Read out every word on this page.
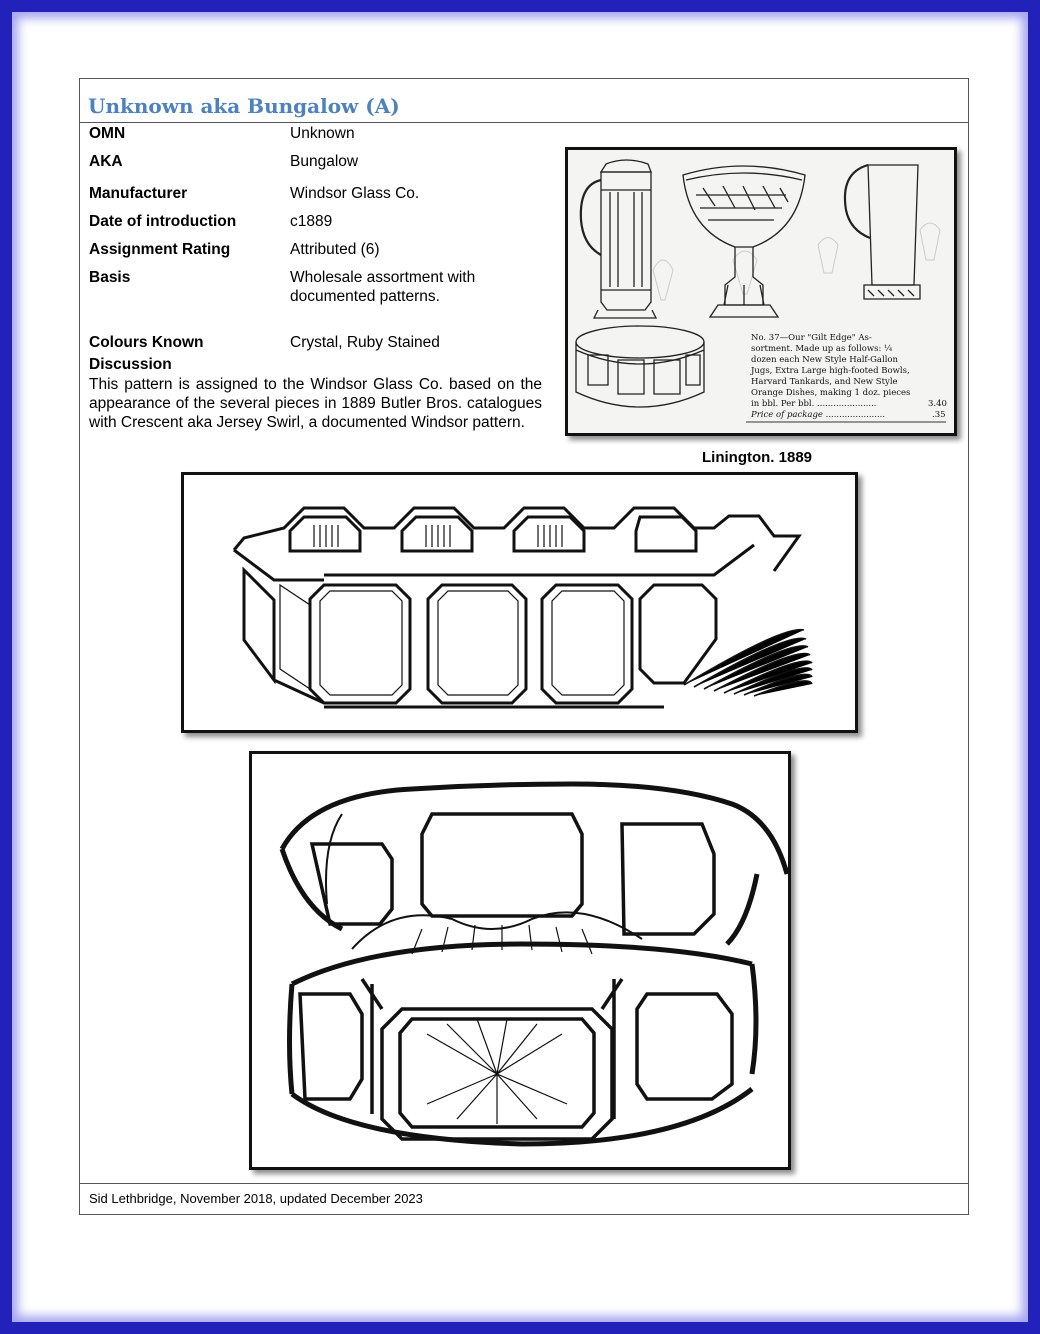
Unknown aka Bungalow (A)
OMN	Unknown
AKA	Bungalow
Manufacturer	Windsor Glass Co.
Date of introduction	c1889
Assignment Rating	Attributed (6)
Basis	Wholesale assortment with documented patterns.
Colours Known	Crystal, Ruby Stained
Discussion
This pattern is assigned to the Windsor Glass Co. based on the appearance of the several pieces in 1889 Butler Bros. catalogues with Crescent aka Jersey Swirl, a documented Windsor pattern.
No. 37—Our "Gilt Edge" As-
sortment. Made up as follows: ¼
dozen each New Style Half-Gallon
Jugs, Extra Large high-footed Bowls,
Harvard Tankards, and New Style
Orange Dishes, making 1 doz. pieces
in bbl. Per bbl. ......................	3.40
Price of package ......................	.35
Linington. 1889
Sid Lethbridge, November 2018, updated December 2023
